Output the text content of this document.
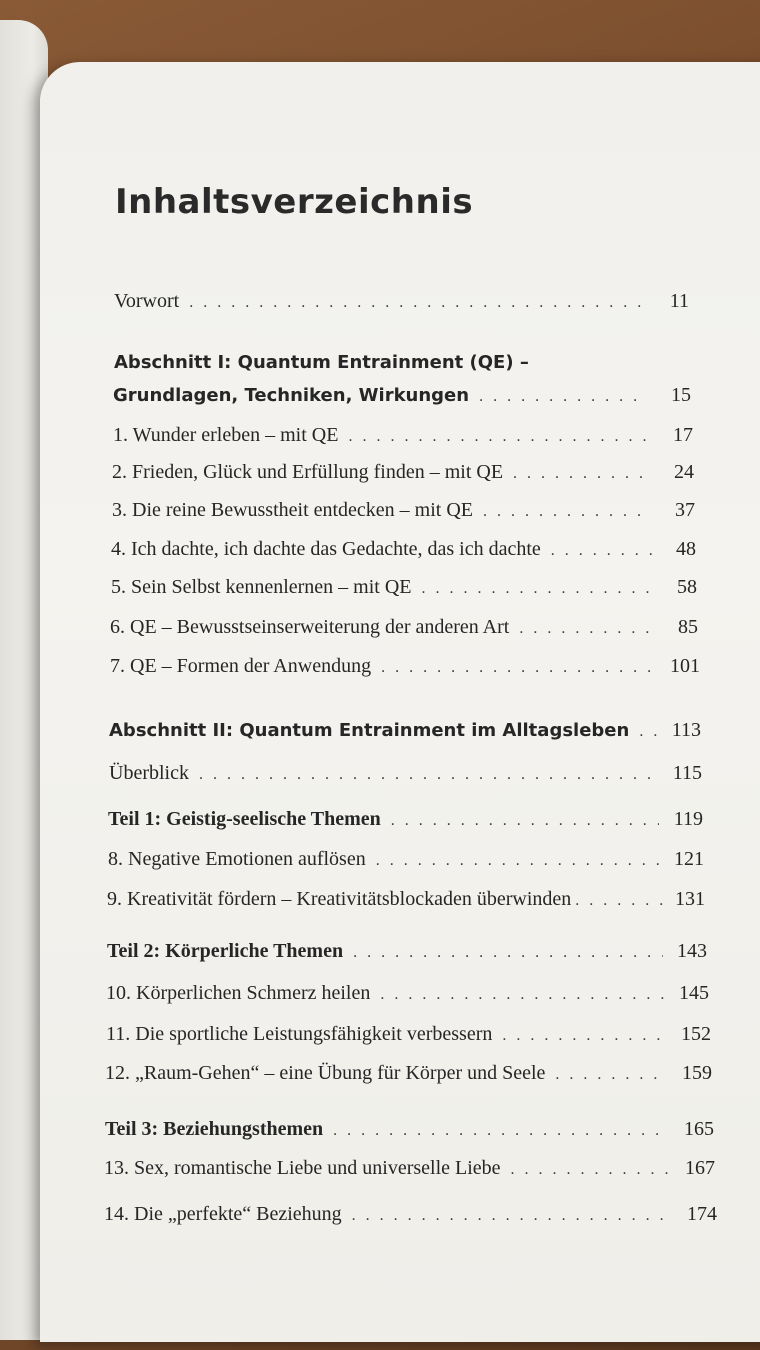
Inhaltsverzeichnis
Vorwort . . .	11
Abschnitt I: Quantum Entrainment (QE) –
Grundlagen, Techniken, Wirkungen . . .	15
1. Wunder erleben – mit QE . . .	17
2. Frieden, Glück und Erfüllung finden – mit QE . . .	24
3. Die reine Bewusstheit entdecken – mit QE . . .	37
4. Ich dachte, ich dachte das Gedachte, das ich dachte . . .	48
5. Sein Selbst kennenlernen – mit QE . . .	58
6. QE – Bewusstseinserweiterung der anderen Art . . .	85
7. QE – Formen der Anwendung . . .	101
Abschnitt II: Quantum Entrainment im Alltagsleben . . . 113
Überblick . . .	115
Teil 1: Geistig-seelische Themen . . .	119
8. Negative Emotionen auflösen . . .	121
9. Kreativität fördern – Kreativitätsblockaden überwinden . . .	131
Teil 2: Körperliche Themen . . .	143
10. Körperlichen Schmerz heilen . . .	145
11. Die sportliche Leistungsfähigkeit verbessern . . .	152
12. „Raum-Gehen“ – eine Übung für Körper und Seele . . .	159
Teil 3: Beziehungsthemen . . .	165
13. Sex, romantische Liebe und universelle Liebe . . .	167
14. Die „perfekte“ Beziehung . . .	174
